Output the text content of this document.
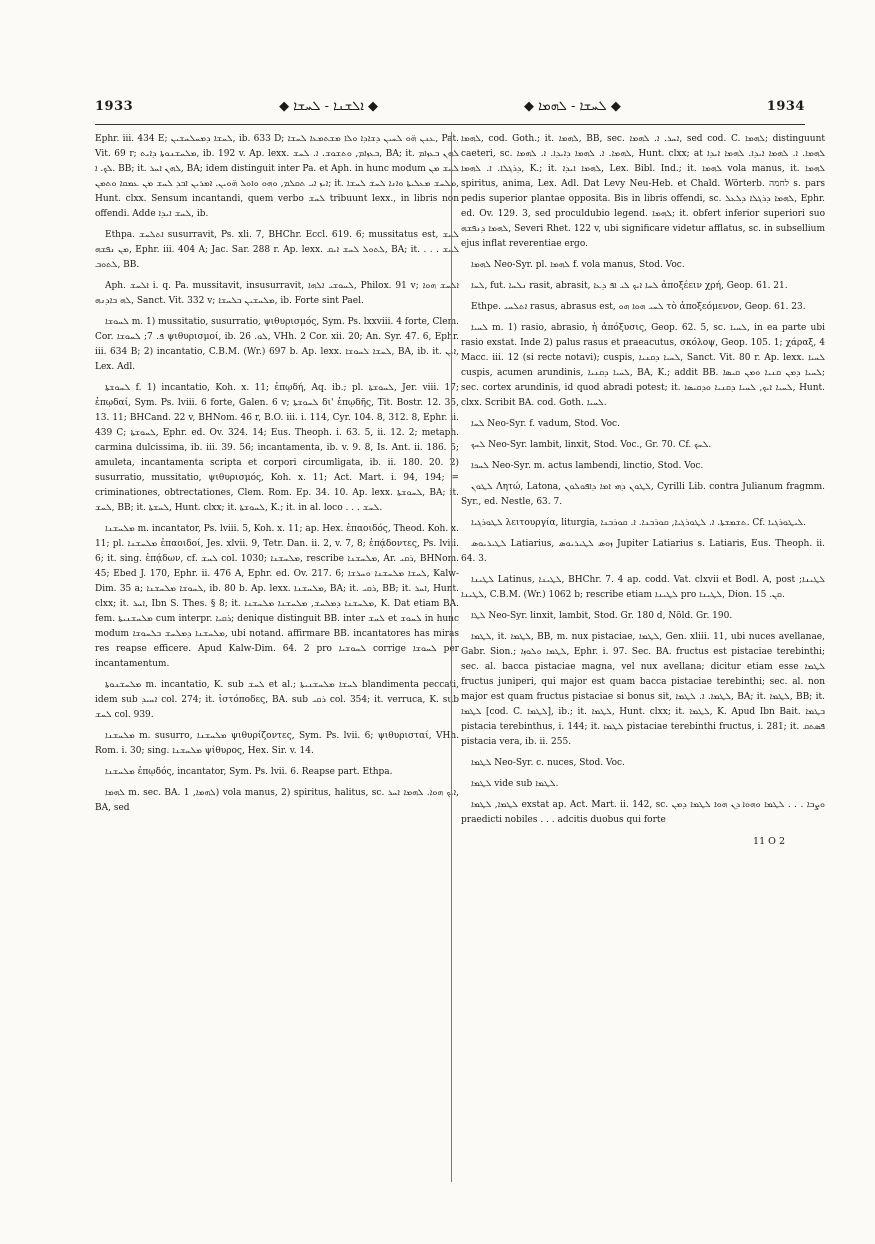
1933	◆ ܐܠܫܢܐ - ܠܚܫܐ ◆	◆ ܠܚܫܐ - ܠܗܡܐ ◆	1934

Ephr. iii. 434 E; ܠܚܫܐ ܕܡܚܠܚܫܝܢ, ib. 633 D; ܥܢܢ ܗ̈ܘ ܠܚܝܢ ܕܫܐܕܐ ܘܠܐ ܡܫܬܡܥܐ ܠܚܫܐ, Pat. Vit. 69 r; ܡܠܚܫܢܘܬܐ ܕܐܝܬ, ib. 192 v. Ap. lexx. ܒܥܙܐܡ, ܘܬܫܘܫ. ܐ. ܠܚܫ, BA; it. ܠܗܢ ܒܥܙܐܡ ܠܟ. ܐ. BB; it. ܠܗܢ ܐܚܪ, BA; idem distinguit inter Pa. et Aph. in hunc modum ܠܚܫ ܡܢ ܐܝܙ ܐܝ ܬܩܠܡ, ܘܗܘ ܘܐܘܠ ܗ̈ܘܝܢ. ܐܡܪܝܢ ܐܒܕ ܠܚܫ ܡܢ ܥܡܩܐ ܘܬܡܢ; it. ܡܠܚܫ ܡܥܠܝܬܐ ܘܐܢܐ ܠܚܫ ܠܚܫܐ, Hunt. clxx. Sensum incantandi, quem verbo ܠܚܫ tribuunt lexx., in libris non offendi. Adde ܠܚܫ ܐܝܕܐ, ib.

Ethpa. ܐܬܠܚܫ susurravit, Ps. xli. 7, BHChr. Eccl. 619. 6; mussitatus est, ܠܚܫ ܡܢ ܢܦܫܗ, Ephr. iii. 404 A; Jac. Sar. 288 r. Ap. lexx. ܠܬܘܠ ܠܚܫ ܐܝܩ, BA; it. ܠܚܫ . . . ܠܬܘܒ, BB.

Aph. ܐܠܚܫ i. q. Pa. mussitavit, insusurravit, ܠܚܘܫܝ ܐܠܗܐ, Philox. 91 v; ܐܠܚܫ ܗܘܐ ܠܗ ܒܐܕܢܗ, Sanct. Vit. 332 v; ܡܠܚܫܝܢ ܒܠܚܫܐ, ib. Forte sint Pael.

ܠܚܘܫܐ m. 1) mussitatio, susurratio, ψιθυρισμός, Sym. Ps. lxxviii. 4 forte, Clem. Cor. ܦ. 7; ܠܚܘܫܐ ψιθυρισμοί, ib. ܠܘ. 26, VHh. 2 Cor. xii. 20; An. Syr. 47. 6, Ephr. iii. 634 B; 2) incantatio, C.B.M. (Wr.) 697 b. Ap. lexx. ܠܚܫܐ ܠܚܘܫܐ, BA, ib. it. ܐܝܢ, Lex. Adl.

ܠܚܘܫܬܐ f. 1) incantatio, Koh. x. 11; ἐπῳδή, Aq. ib.; pl. ܠܚܘܫܬܐ, Jer. viii. 17; ἐπῳδαί, Sym. Ps. lviii. 6 forte, Galen. 6 v; ܠܚܘܫܬܐ δι' ἐπῳδῆς, Tit. Bostr. 12. 35, 13. 11; BHCand. 22 v, BHNom. 46 r, B.O. iii. i. 114, Cyr. 104. 8, 312. 8, Ephr. ii. 439 C; ܠܚܘܫܬܐ, Ephr. ed. Ov. 324. 14; Eus. Theoph. i. 63. 5, ii. 12. 2; metaph. carmina dulcissima, ib. iii. 39. 56; incantamenta, ib. v. 9. 8, Is. Ant. ii. 186. 5; amuleta, incantamenta scripta et corpori circumligata, ib. ii. 180. 20. 2) susurratio, mussitatio, ψιθυρισμός, Koh. x. 11; Act. Mart. i. 94, 194; = criminationes, obtrectationes, Clem. Rom. Ep. 34. 10. Ap. lexx. ܠܚܘܫܬܐ, BA; it. ܠܚܫ, BB; it. ܠܚܫܬܐ, Hunt. clxx; it. ܠܚܘܫܬܐ, K.; it. in al. loco . . . ܠܚܫ.

ܡܠܚܫܢܐ m. incantator, Ps. lviii. 5, Koh. x. 11; ap. Hex. ἐπαοιδός, Theod. Koh. x. 11; pl. ܡܠܚܫܢܐ ἐπαοιδοί, Jes. xlvii. 9, Tetr. Dan. ii. 2, v. 7, 8; ἐπᾴδοντες, Ps. lviii. 6; it. sing. ἐπᾴδων, cf. ܠܚܫ col. 1030; ܡܠܚܫܢܐ, rescribe ܡܠܚܫܢܐ, Ar. ܪܩܝ, BHNom. 45; Ebed J. 170, Ephr. ii. 476 A, Ephr. ed. Ov. 217. 6; ܠܚܫܐ ܡܠܚܫܢܐ ܘܚܪܫܐ, Kalw-Dim. 35 a; ܠܚܘܫܐ ܡܠܚܫܢܐ, ib. 80 b. Ap. lexx. ܡܠܚܫܢܐ, BA; it. ܪܩܝ, BB; it. ܐܚܪ, Hunt. clxx; it. ܐܚܪ, Ibn S. Thes. § 8; it. ܡܠܚܫܢܐ ܕܡܠܚܫ, ܡܠܚܫܢܐ ܡܠܚܫܢܐ, K. Dat etiam BA. fem. ܡܠܚܫܢܝܬܐ cum interpr. ܪܩܝܐ; denique distinguit BB. inter ܠܚܫ et ܠܚܘܫ in hunc modum ܡܠܚܫܢܐ ܕܡܠܚܫ ܒܠܚܘܫܐ, ubi notand. affirmare BB. incantatores has miras res reapse efficere. Apud Kalw-Dim. 64. 2 pro ܠܚܘܫܝܐ corrige ܠܚܘܫܐ per incantamentum.

ܡܠܚܫܢܘܬܐ m. incantatio, K. sub ܠܚܫ et al.; ܠܚܫܐ ܡܠܚܫܢܝܬܐ blandimenta peccati, idem sub ܐܚܝܕ col. 274; it. ἰστόποδες, BA. sub ܪܩܝ col. 354; it. verruca, K. sub ܠܚܫ col. 939.

ܡܠܚܫܢܐ m. susurro, ܡܠܚܫܢܐ ψιθυρίζοντες, Sym. Ps. lvii. 6; ψιθυρισταί, VHh. Rom. i. 30; sing. ܡܠܚܫܢܐ ψίθυρος, Hex. Sir. v. 14.

ܡܠܚܫܢܐ ἐπῳδός, incantator, Sym. Ps. lvii. 6. Reapse part. Ethpa.

ܠܗܡܐ m. sec. BA. ܠܗܡܐ, 1) vola manus, 2) spiritus, halitus, sc. ܐܝܟ ܗܘܐ. ܠܗܡܐ ܐܚܪ, BA, sed

ܠܗܡܐ, cod. Goth.; it. ܠܗܡܐ, BB, sec. ܐܚܪ. ܐ. ܠܗܡܐ, sed cod. C. ܠܗܡܐ; distinguunt caeteri, sc. ܠܗܡܐ. ܐ. ܠܗܡܐ ܕܐܝܕܐ. ܐ. ܠܗܡܐ, Hunt. clxx; at ܠܗܡܐ. ܐ. ܠܗܡܐ ܐܝܕܐ. ܠܗܡܐ ܐܝܕܐ ܕܪܓܠܐ. ܐ. ܠܗܡܐ, K.; it. ܠܗܡܐ ܐܝܕܐ, Lex. Bibl. Ind.; it. ܠܗܡܐ vola manus, it. ܠܗܡܐ spiritus, anima, Lex. Adl. Dat Levy Neu-Heb. et Chald. Wörterb. לחמה s. pars pedis superior plantae opposita. Bis in libris offendi, sc. ܠܗܡܐ ܕܪܓܠܐ ܕܠܥܠ, Ephr. ed. Ov. 129. 3, sed proculdubio legend. ܠܗܡܐ; it. obfert inferior superiori suo ܠܗܡܐ ܕܢܦܫܗ, Severi Rhet. 122 v, ubi significare videtur afflatus, sc. in subsellium ejus inflat reverentiae ergo.

ܠܗܡܐ Neo-Syr. pl. ܠܗܡܐ f. vola manus, Stod. Voc.

ܠܚܐ, fut. ܢܠܚܐ rasit, abrasit, ܠܚܐ ܐܝܟ ܠܝ ܐܦ ܕܥܐ ἀποξέειν χρή, Geop. 61. 21.

Ethpe. ܐܬܠܚܝ rasus, abrasus est, ܠܚܝ ܗܘܐ ܗܘ τὸ ἀποξεόμενον, Geop. 61. 23.

ܠܚܝܐ m. 1) rasio, abrasio, ἡ ἀπόξυσις, Geop. 62. 5, sc. ܠܚܝܐ, in ea parte ubi rasio exstat. Inde 2) palus rasus et praeacutus, σκόλοψ, Geop. 105. 1; χάραξ, 4 Macc. iii. 12 (si recte notavi); cuspis, ܠܚܝܐ ܕܩܢܝܐ, Sanct. Vit. 80 r. Ap. lexx. ܠܚܝܐ cuspis, acumen arundinis, ܠܚܝܐ ܕܩܢܝܐ, BA, K.; addit BB. ܠܚܝܐ ܕܡܢ ܩܢܝܐ ܘܡܢ ܩܝܣܐ; sec. cortex arundinis, id quod abradi potest; it. ܠܚܝܐ ܐܝܟ, ܠܚܝܐ ܕܩܢܝܐ ܘܕܩܝܣܐ, Hunt. clxx. Scribit BA. cod. Goth. ܠܚܝܐ.

ܠܚܐ Neo-Syr. f. vadum, Stod. Voc.

ܠܚܟ Neo-Syr. lambit, linxit, Stod. Voc., Gr. 70. Cf. ܠܚܟ.

ܠܚܟܐ Neo-Syr. m. actus lambendi, linctio, Stod. Voc.

ܠܛܘܢ Λητώ, Latona, ܠܛܘܢ ܕܗܝ ܐܡܐ ܕܐܦܘܠܘܢ, Cyrilli Lib. contra Julianum fragmm. Syr., ed. Nestle, 63. 7.

ܠܛܘܪܓܝܐ λειτουργία, liturgia, ܬܫܡܫܬܐ. ܐ. ܠܛܘܪܓܝܐ, ܩܘܪܒܢܐ. ܐ. ܩܘܪܒܢܐ. Cf. ܠܝܛܘܪܓܝܐ.

ܠܛܝܪܝܘܣ Latiarius, ܙܘܣ ܠܛܝܪܝܘܣ Jupiter Latiarius s. Latiaris, Eus. Theoph. ii. 64. 3.

ܠܛܝܢܐ Latinus, ܠܛܝܢܐ, BHChr. 7. 4 ap. codd. Vat. clxvii et Bodl. A, post ܠܛܝܢܐ; ܠܛܝܢܐ, C.B.M. (Wr.) 1062 b; rescribe etiam ܠܛܝܢܐ pro ܠܛܝܢܐ, Dion. ܩܢ. 15.

ܠܛܐ Neo-Syr. linxit, lambit, Stod. Gr. 180 d, Nöld. Gr. 190.

ܠܛܡܐ, it. ܠܛܡܐ, BB, m. nux pistaciae, ܠܛܡܐ, Gen. xliii. 11, ubi nuces avellanae, Gabr. Sion.; ܠܛܡܐ ܘܠܘܙܐ, Ephr. i. 97. Sec. BA. fructus est pistaciae terebinthi; sec. al. bacca pistaciae magna, vel nux avellana; dicitur etiam esse ܠܛܡܐ fructus juniperi, qui major est quam bacca pistaciae terebinthi; sec. al. non major est quam fructus pistaciae si bonus sit, ܠܛܡܐ. ܐ. ܠܛܡܐ, BA; it. ܠܛܡܐ, BB; it. ܠܛܡܐ [cod. C. ܠܛܡܐ], ib.; it. ܠܛܡܐ, Hunt. clxx; it. ܠܛܡܐ, K. Apud Ibn Bait. ܒܛܡܐ pistacia terebinthus, i. 144; it. ܠܛܡܐ pistaciae terebinthi fructus, i. 281; it. ܦܣܬܩ pistacia vera, ib. ii. 255.

ܠܛܡܐ Neo-Syr. c. nuces, Stod. Voc.

ܠܛܡܐ vide sub ܠܛܡܐ.

ܠܛܡܐ, ܠܛܡܐ exstat ap. Act. Mart. ii. 142, sc. ܘܨܒܐ . . . ܠܛܡܐ ܘܗܘܐ ܕܢ ܗܘܐ ܠܛܡܐ ܕܡܢ praedicti nobiles . . . adcitis duobus qui forte

11 O 2
